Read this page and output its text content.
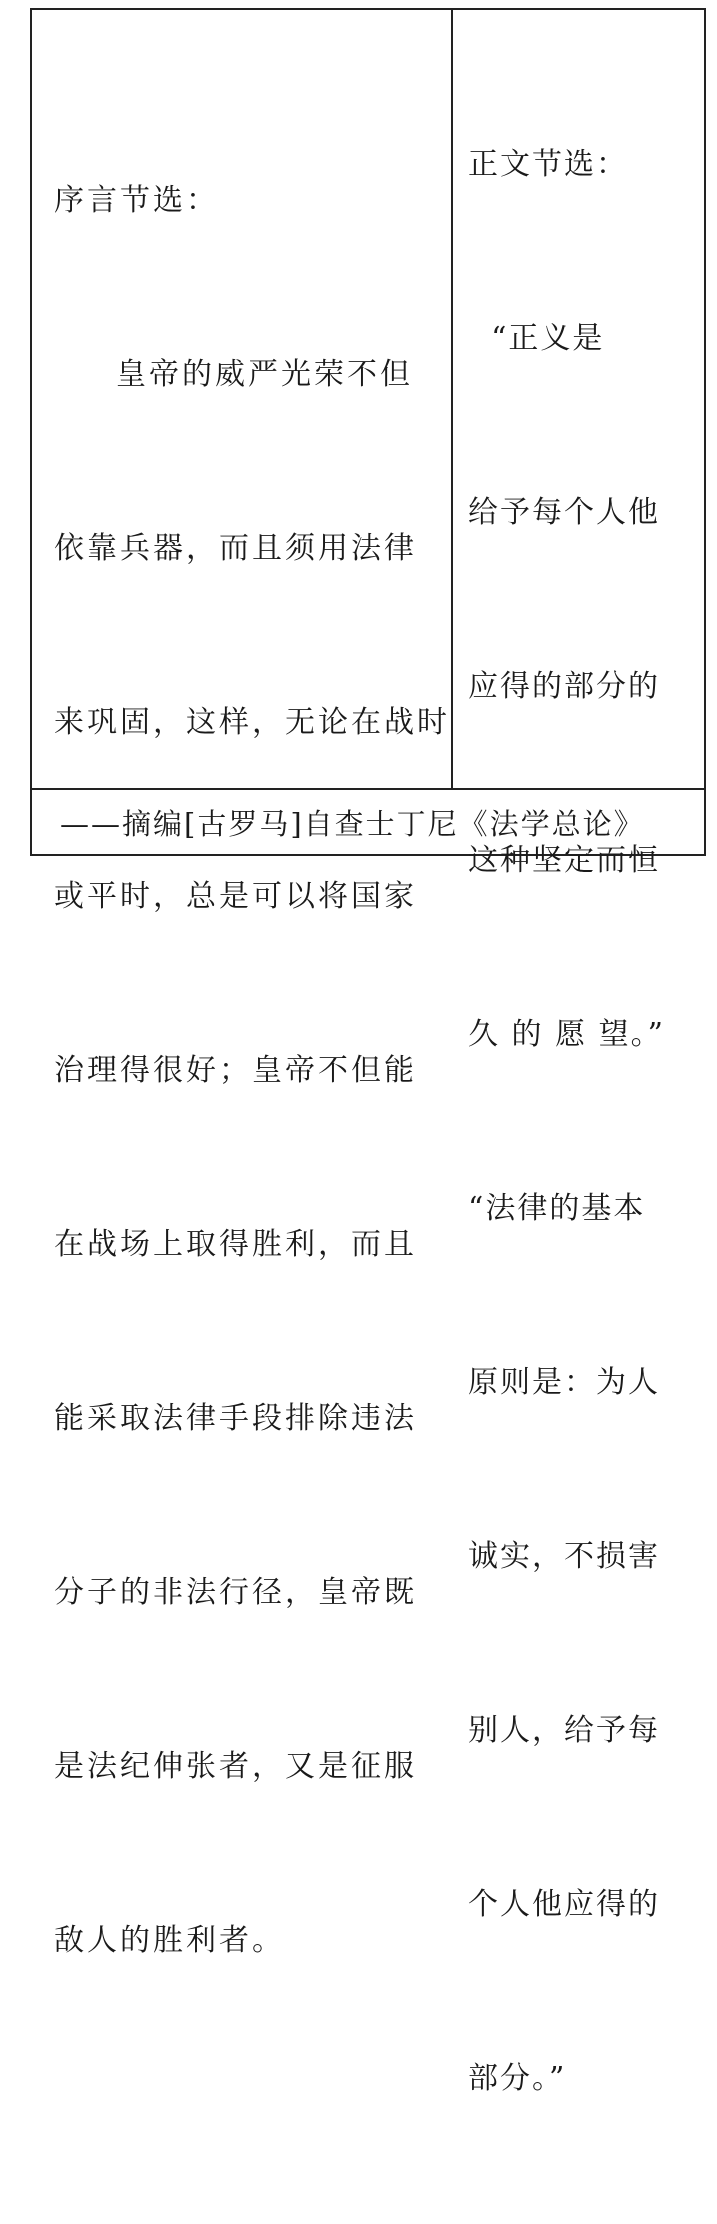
序言节选：

皇帝的威严光荣不但

依靠兵器，而且须用法律

来巩固，这样，无论在战时

或平时，总是可以将国家

治理得很好；皇帝不但能

在战场上取得胜利，而且

能采取法律手段排除违法

分子的非法行径，皇帝既

是法纪伸张者，又是征服

敌人的胜利者。

正文节选：

“正义是

给予每个人他

应得的部分的

这种坚定而恒

久 的 愿 望。”

“法律的基本

原则是：为人

诚实，不损害

别人，给予每

个人他应得的

部分。”

——摘编[古罗马]自查士丁尼《法学总论》
